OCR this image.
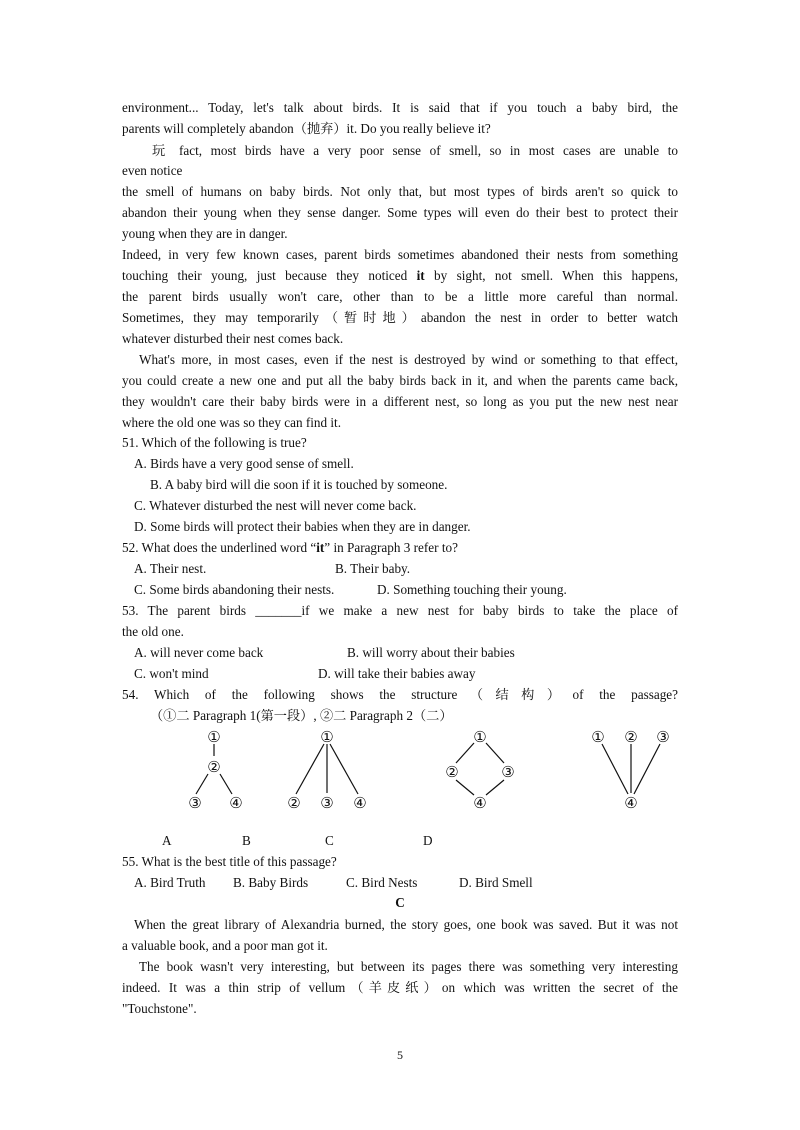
environment... Today, let's talk about birds. It is said that if you touch a baby bird, the
parents will completely abandon（抛弃）it. Do you really believe it?
玩 fact, most birds have a very poor sense of smell, so in most cases are unable to
even notice
the smell of humans on baby birds. Not only that, but most types of birds aren't so quick to
abandon their young when they sense danger. Some types will even do their best to protect their
young when they are in danger.
Indeed, in very few known cases, parent birds sometimes abandoned their nests from something
touching their young, just because they noticed it by sight, not smell. When this happens,
the parent birds usually won't care, other than to be a little more careful than normal.
Sometimes, they may temporarily（暂时地）abandon the nest in order to better watch
whatever disturbed their nest comes back.
What's more, in most cases, even if the nest is destroyed by wind or something to that effect,
you could create a new one and put all the baby birds back in it, and when the parents came back,
they wouldn't care their baby birds were in a different nest, so long as you put the new nest near
where the old one was so they can find it.
51. Which of the following is true?
A. Birds have a very good sense of smell.
B. A baby bird will die soon if it is touched by someone.
C. Whatever disturbed the nest will never come back.
D. Some birds will protect their babies when they are in danger.
52. What does the underlined word “it” in Paragraph 3 refer to?
A. Their nest.	B. Their baby.
C. Some birds abandoning their nests.	D. Something touching their young.
53. The parent birds _______if we make a new nest for baby birds to take the place of
the old one.
A. will never come back	B. will worry about their babies
C. won't mind	D. will take their babies away
54. Which of the following shows the structure（结构）of the passage?
（①二 Paragraph 1(第一段）, ②二 Paragraph 2（二）
①
②
③ ④
①
② ③ ④
①
②	③
④
① ② ③
④
A	B	C	D
55. What is the best title of this passage?
A. Bird Truth B. Baby Birds	C. Bird Nests	D. Bird Smell
C
When the great library of Alexandria burned, the story goes, one book was saved. But it was not
a valuable book, and a poor man got it.
The book wasn't very interesting, but between its pages there was something very interesting
indeed. It was a thin strip of vellum（羊皮纸）on which was written the secret of the
"Touchstone".
5
